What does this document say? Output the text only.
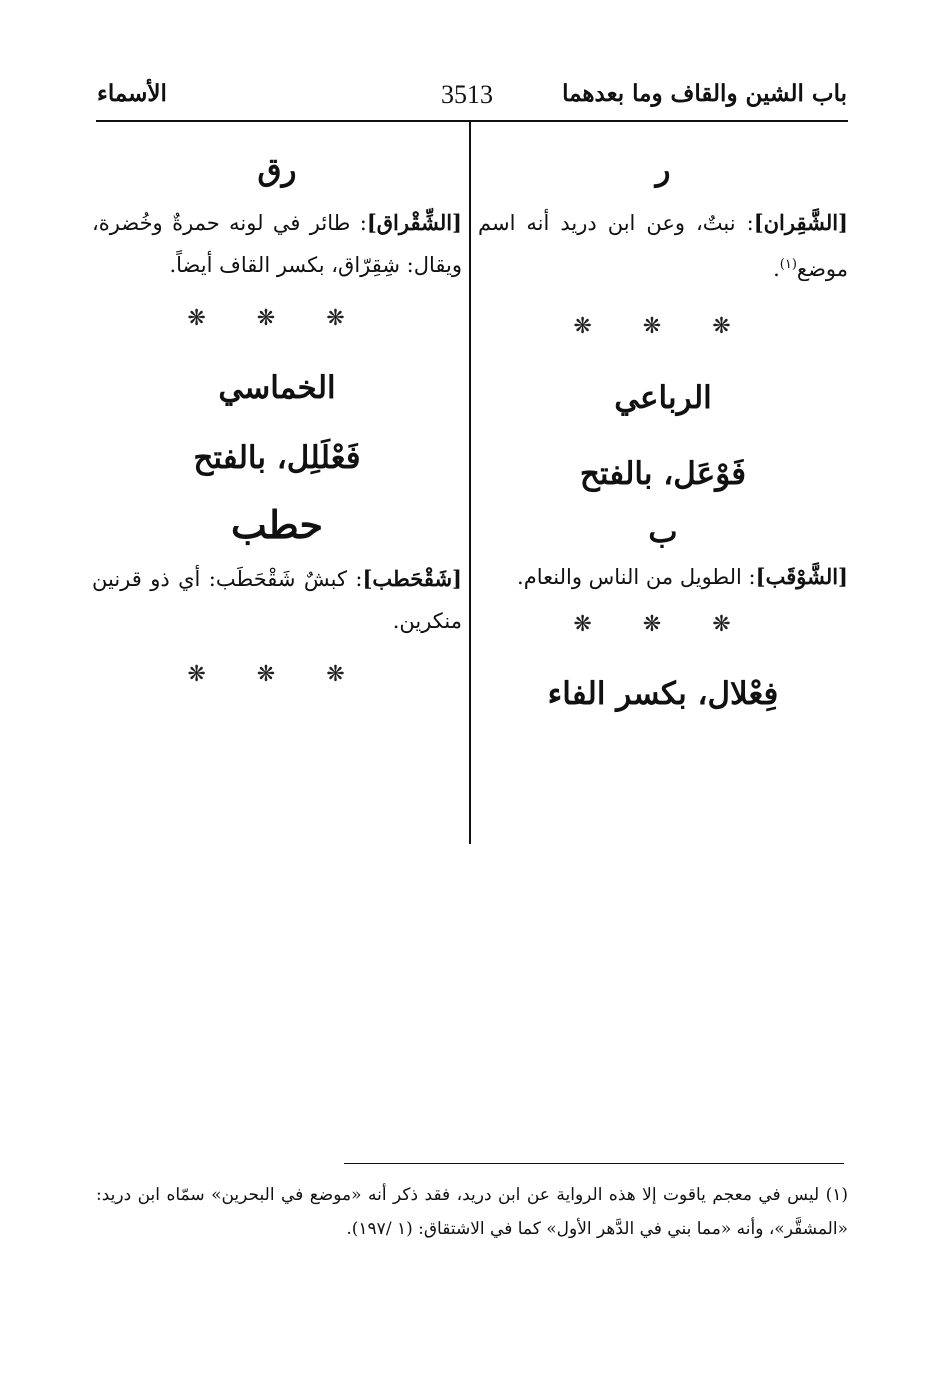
باب الشين والقاف وما بعدهما
3513
الأسماء
ر

[الشَّقِران]: نبتٌ، وعن ابن دريد أنه اسم موضع$^{(١)}$.

❋ ❋ ❋
الرباعي
فَوْعَل، بالفتح
ب

[الشَّوْقَب]: الطويل من الناس والنعام.

❋ ❋ ❋
فِعْلال، بكسر الفاء
رق

[الشِّقْراق]: طائر في لونه حمرةٌ وخُضرة، ويقال: شِقِرّاق، بكسر القاف أيضاً.

❋ ❋ ❋
الخماسي
فَعْلَلِل، بالفتح
حطب

[شَقْحَطب]: كبشٌ شَقْحَطَب: أي ذو قرنين منكرين.

❋ ❋ ❋
(١) ليس في معجم ياقوت إلا هذه الرواية عن ابن دريد، فقد ذكر أنه «موضع في البحرين» سمّاه ابن دريد: «المشقَّر»، وأنه «مما بني في الدَّهر الأول» كما في الاشتقاق: (١ /١٩٧).
